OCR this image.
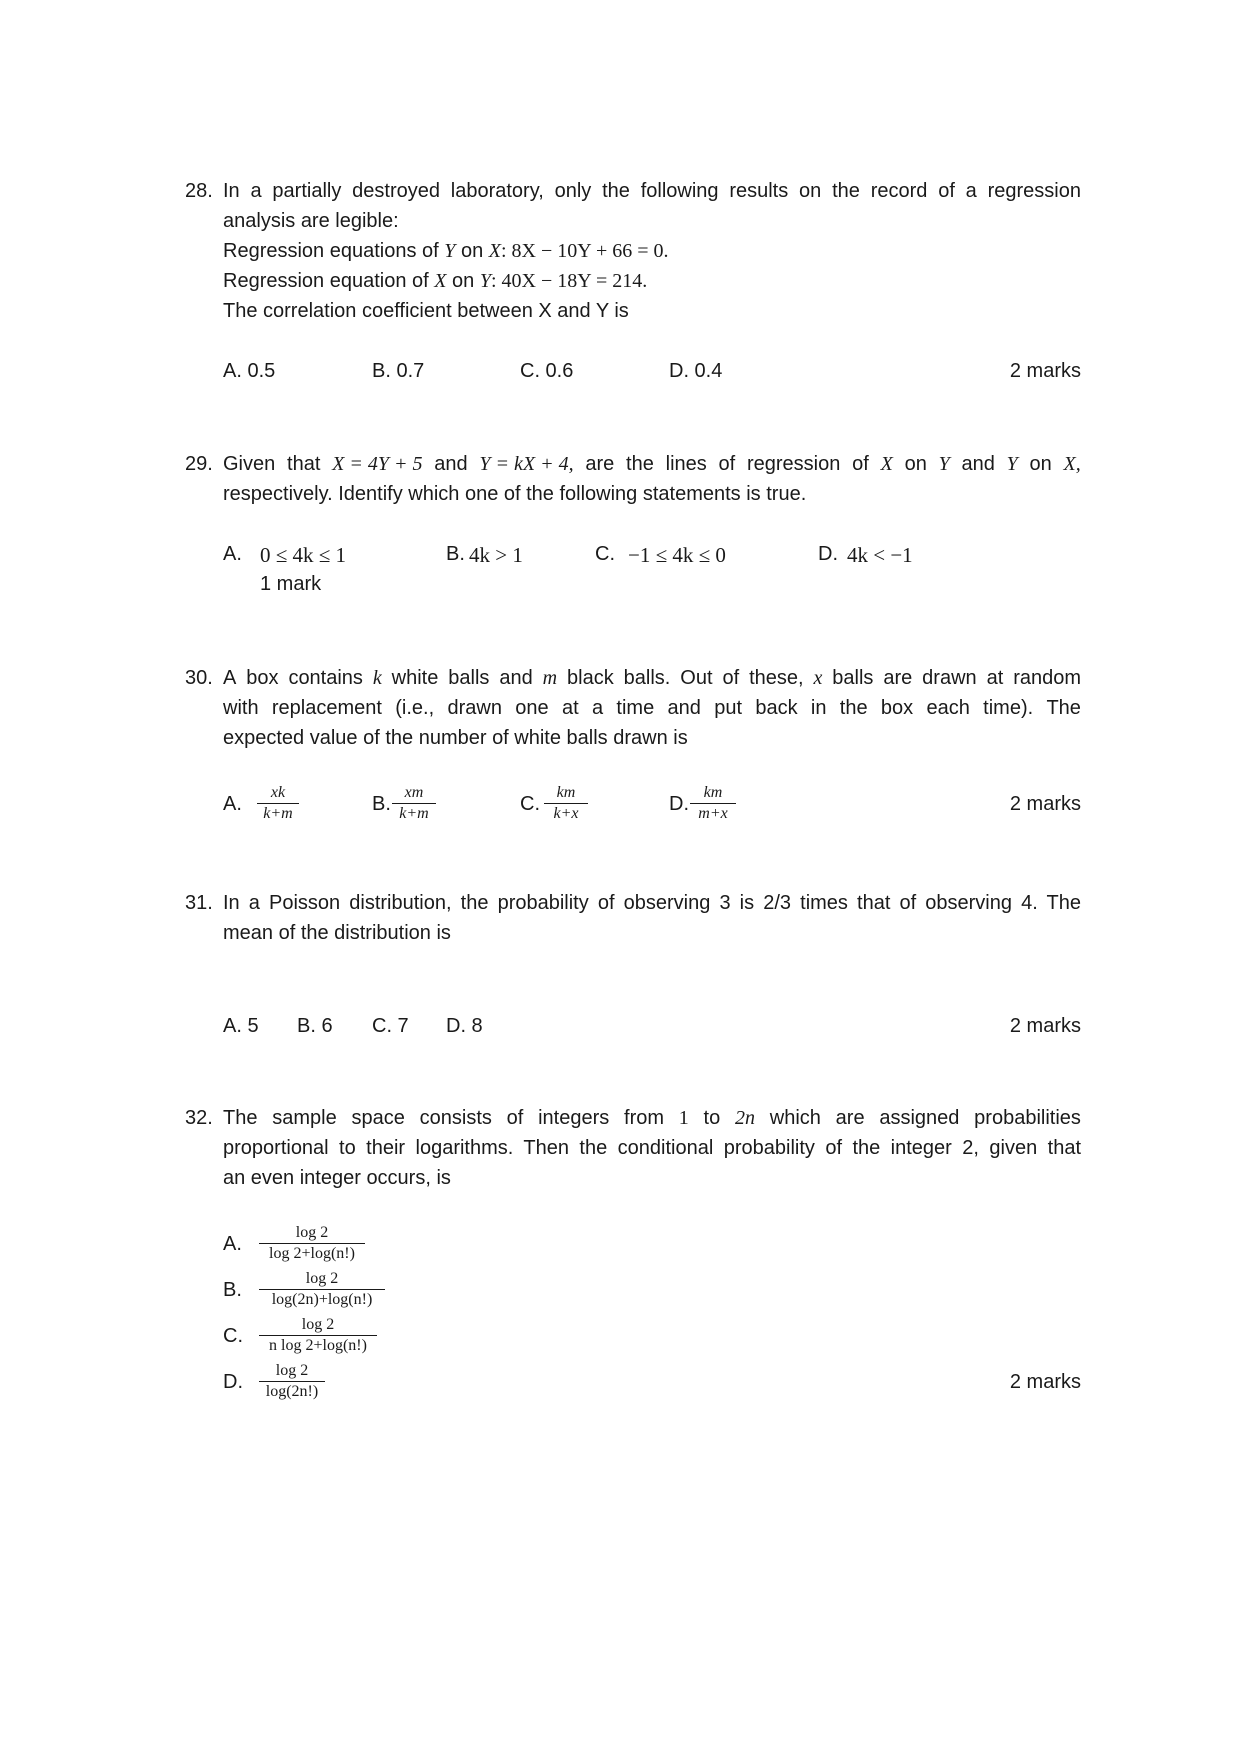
28. In a partially destroyed laboratory, only the following results on the record of a regression
analysis are legible:
Regression equations of Y on X: 8X − 10Y + 66 = 0.
Regression equation of X on Y: 40X − 18Y = 214.
The correlation coefficient between X and Y is
A. 0.5	B. 0.7	C. 0.6	D. 0.4	2 marks
29. Given that X = 4Y + 5 and Y = kX + 4, are the lines of regression of X on Y and Y on X,
respectively. Identify which one of the following statements is true.
A. 0 ≤ 4k ≤ 1	B. 4k > 1	C. −1 ≤ 4k ≤ 0	D. 4k < −1
1 mark
30. A box contains k white balls and m black balls. Out of these, x balls are drawn at random
with replacement (i.e., drawn one at a time and put back in the box each time). The
expected value of the number of white balls drawn is
A. $\frac{xk}{k+m}$	B. $\frac{xm}{k+m}$	C. $\frac{km}{k+x}$	D. $\frac{km}{m+x}$	2 marks
31. In a Poisson distribution, the probability of observing 3 is 2/3 times that of observing 4. The
mean of the distribution is
A. 5 B. 6 C. 7 D. 8	2 marks
32. The sample space consists of integers from 1 to 2n which are assigned probabilities
proportional to their logarithms. Then the conditional probability of the integer 2, given that
an even integer occurs, is
A.
log 2
log 2+log(n!)
B.
log 2
log(2n)+log(n!)
C.
log 2
n log 2+log(n!)
D.
log 2
log(2n!)	2 marks
